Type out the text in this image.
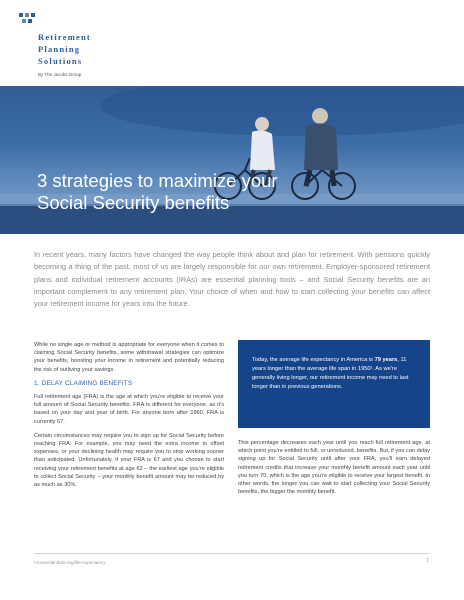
Retirement
Planning
Solutions
By The Jacobs Group
3 strategies to maximize your
Social Security benefits

In recent years, many factors have changed the way people think about and plan for retirement. With pensions quickly becoming a thing of the past, most of us are largely responsible for our own retirement. Employer-sponsored retirement plans and individual retirement accounts (IRAs) are essential planning tools – and Social Security benefits are an important complement to any retirement plan. Your choice of when and how to start collecting your benefits can affect your retirement income for years into the future.

While no single age or method is appropriate for everyone when it comes to claiming Social Security benefits, some withdrawal strategies can optimize your benefits, boosting your income in retirement and potentially reducing the risk of outliving your savings.

1. DELAY CLAIMING BENEFITS

Full retirement age (FRA) is the age at which you’re eligible to receive your full amount of Social Security benefits. FRA is different for everyone, as it’s based on your day and year of birth. For anyone born after 1960, FRA is currently 67.

Certain circumstances may require you to sign up for Social Security before reaching FRA. For example, you may need the extra income to offset expenses, or your declining health may require you to stop working sooner than anticipated. Unfortunately, if your FRA is 67 and you choose to start receiving your retirement benefits at age 62 – the earliest age you’re eligible to collect Social Security – your monthly benefit amount may be reduced by as much as 30%.

Today, the average life expectancy in America is 79 years, 11 years longer than the average life span in 1950¹. As we’re generally living longer, our retirement income may need to last longer than in previous generations.

This percentage decreases each year until you reach full retirement age, at which point you’re entitled to full, or unreduced, benefits. But, if you can delay signing up for Social Security until after your FRA, you’ll earn delayed retirement credits that increase your monthly benefit amount each year until you turn 70, which is the age you’re eligible to receive your largest benefit. In other words, the longer you can wait to start collecting your Social Security benefits, the bigger the monthly benefit.

¹ourworldindata.org/life-expectancy	1
